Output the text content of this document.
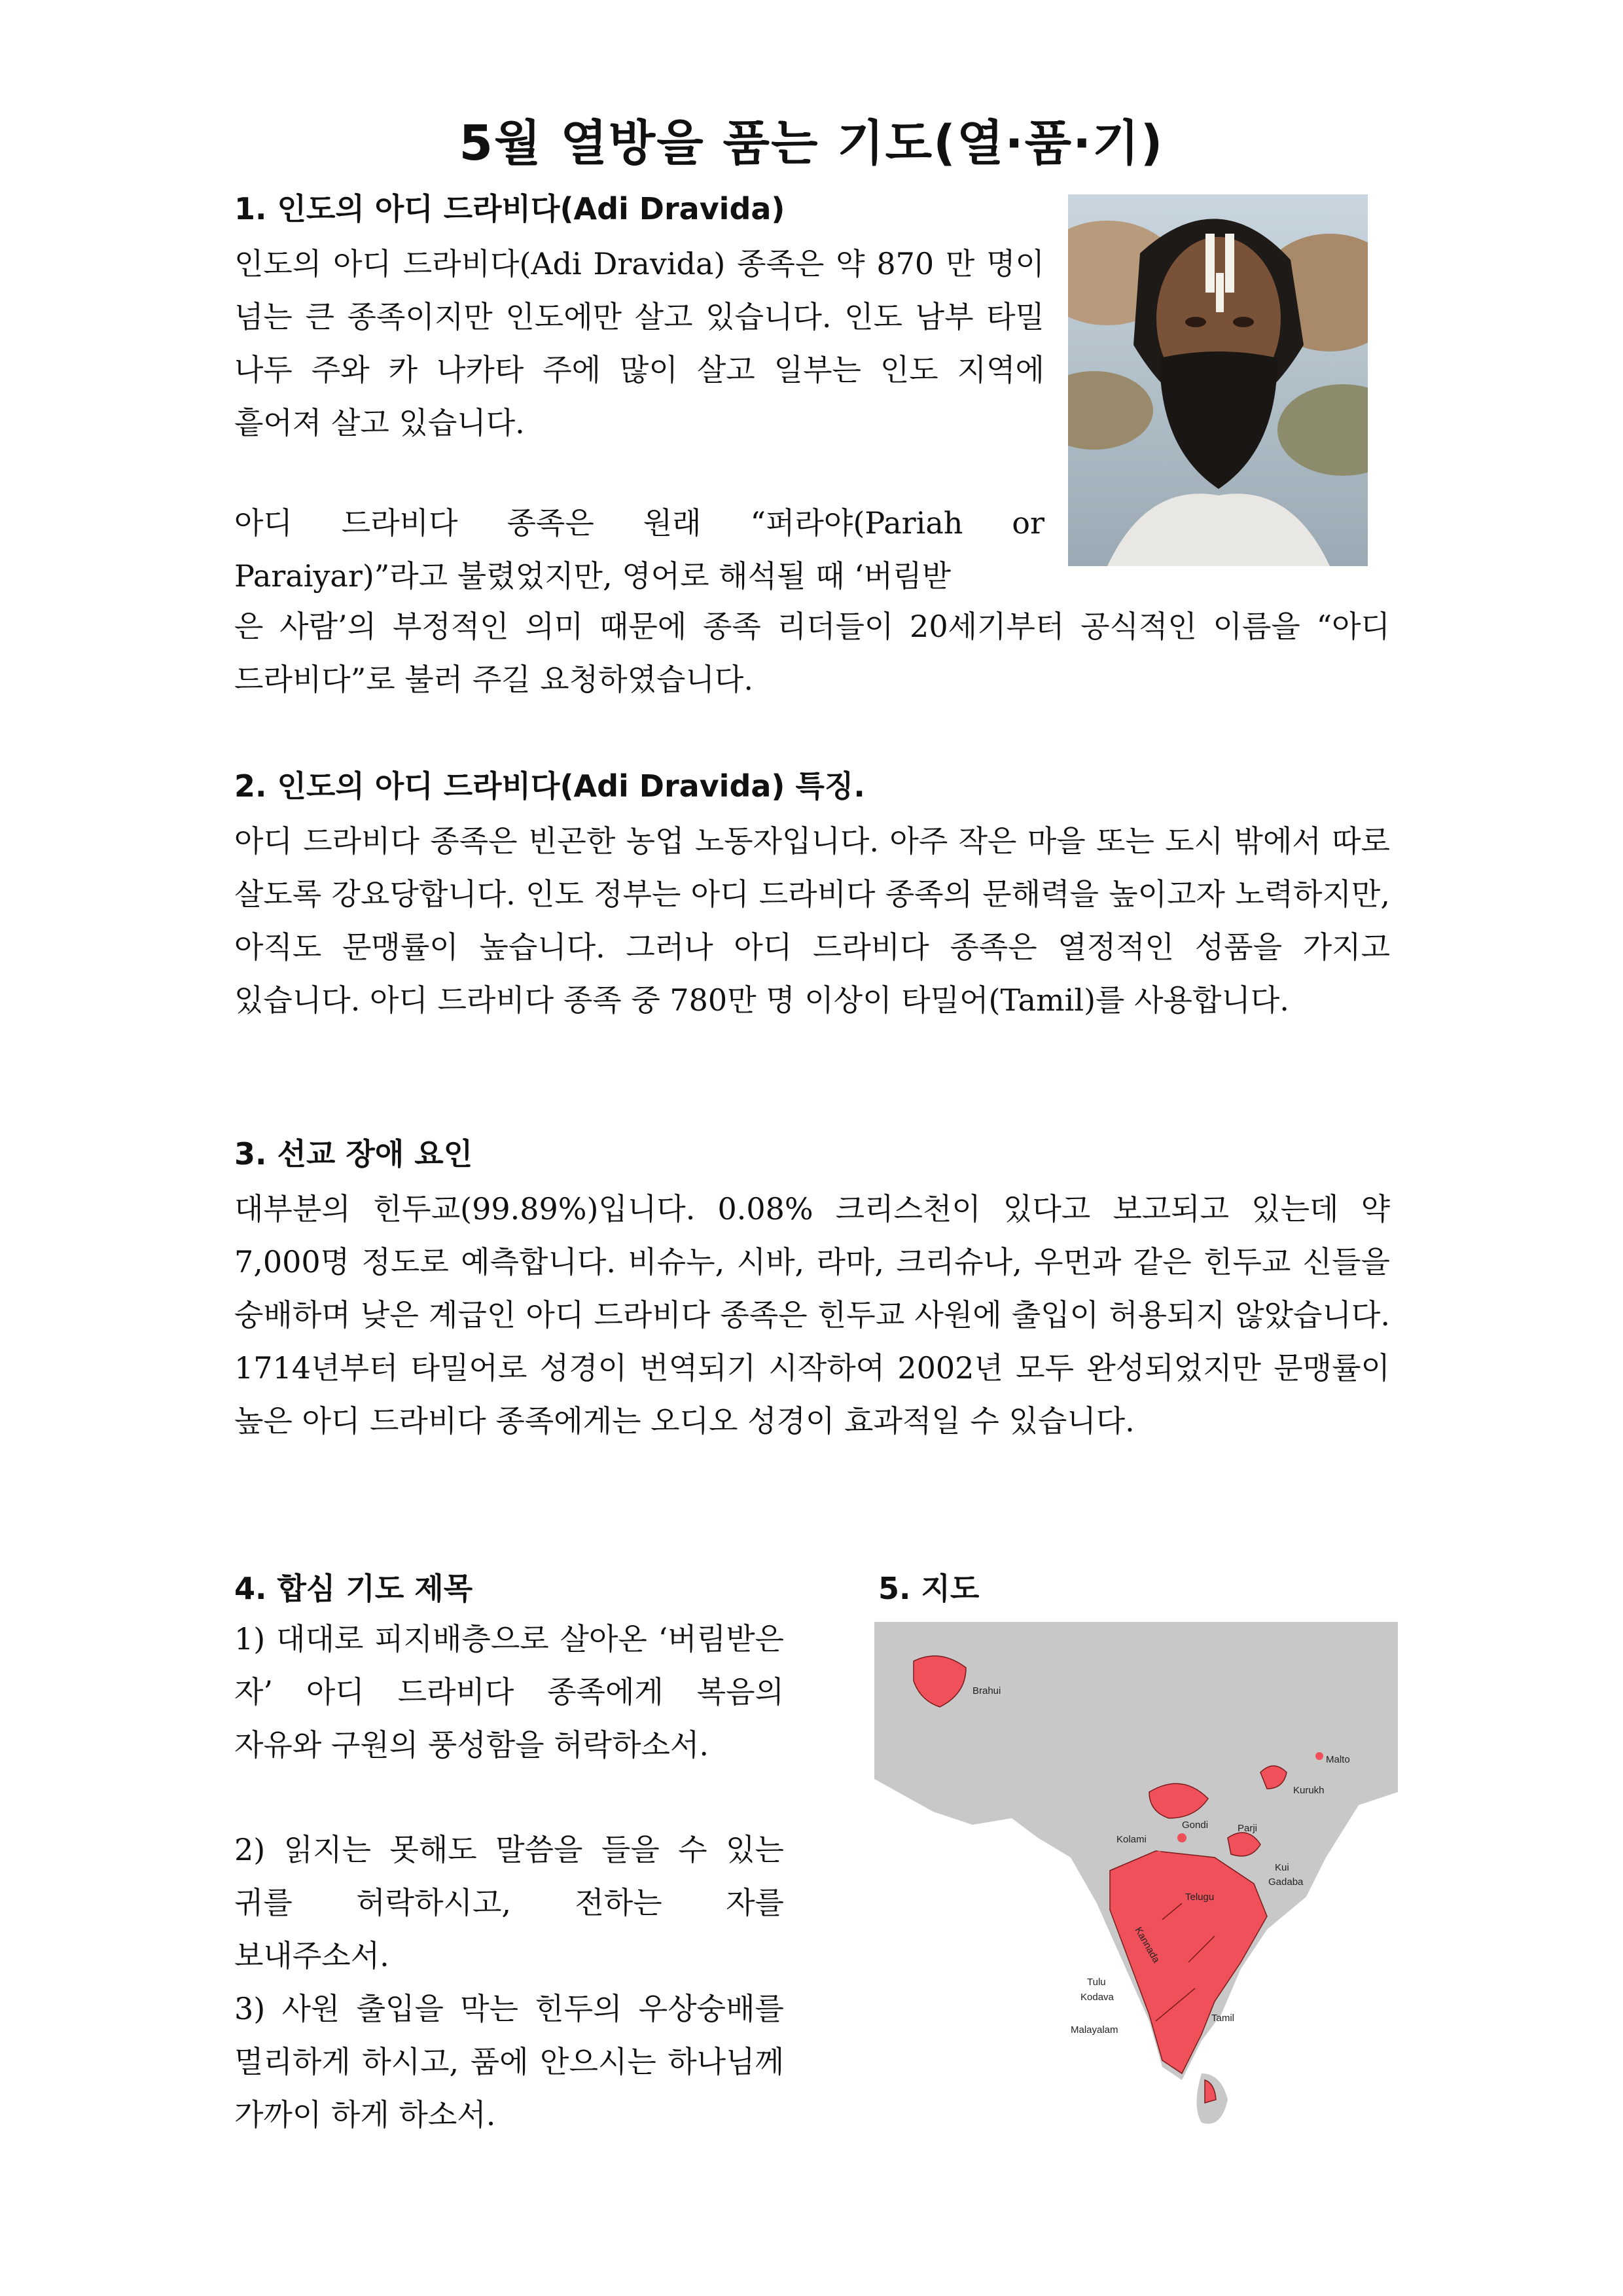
5월 열방을 품는 기도(열·품·기)
1. 인도의 아디 드라비다(Adi Dravida)

인도의 아디 드라비다(Adi Dravida) 종족은 약 870 만 명이 넘는 큰 종족이지만 인도에만 살고 있습니다. 인도 남부 타밀 나두 주와 카 나카타 주에 많이 살고 일부는 인도 지역에 흩어져 살고 있습니다.

아디 드라비다 종족은 원래 “퍼라야(Pariah or Paraiyar)”라고 불렸었지만, 영어로 해석될 때 ‘버림받

은 사람’의 부정적인 의미 때문에 종족 리더들이 20세기부터 공식적인 이름을 “아디 드라비다”로 불러 주길 요청하였습니다.

2. 인도의 아디 드라비다(Adi Dravida) 특징.

아디 드라비다 종족은 빈곤한 농업 노동자입니다. 아주 작은 마을 또는 도시 밖에서 따로 살도록 강요당합니다. 인도 정부는 아디 드라비다 종족의 문해력을 높이고자 노력하지만, 아직도 문맹률이 높습니다. 그러나 아디 드라비다 종족은 열정적인 성품을 가지고 있습니다. 아디 드라비다 종족 중 780만 명 이상이 타밀어(Tamil)를 사용합니다.

3. 선교 장애 요인

대부분의 힌두교(99.89%)입니다. 0.08% 크리스천이 있다고 보고되고 있는데 약 7,000명 정도로 예측합니다. 비슈누, 시바, 라마, 크리슈나, 우먼과 같은 힌두교 신들을 숭배하며 낮은 계급인 아디 드라비다 종족은 힌두교 사원에 출입이 허용되지 않았습니다. 1714년부터 타밀어로 성경이 번역되기 시작하여 2002년 모두 완성되었지만 문맹률이 높은 아디 드라비다 종족에게는 오디오 성경이 효과적일 수 있습니다.

4. 합심 기도 제목

1) 대대로 피지배층으로 살아온 ‘버림받은 자’ 아디 드라비다 종족에게 복음의 자유와 구원의 풍성함을 허락하소서.

2) 읽지는 못해도 말씀을 들을 수 있는 귀를 허락하시고, 전하는 자를 보내주소서.

3) 사원 출입을 막는 힌두의 우상숭배를 멀리하게 하시고, 품에 안으시는 하나님께 가까이 하게 하소서.

5. 지도
Brahui
Malto
Kurukh
Gondi	Parji
Kolami
Kui
Gadaba
Telugu
Kannada
Tulu
Kodava
Tamil
Malayalam
